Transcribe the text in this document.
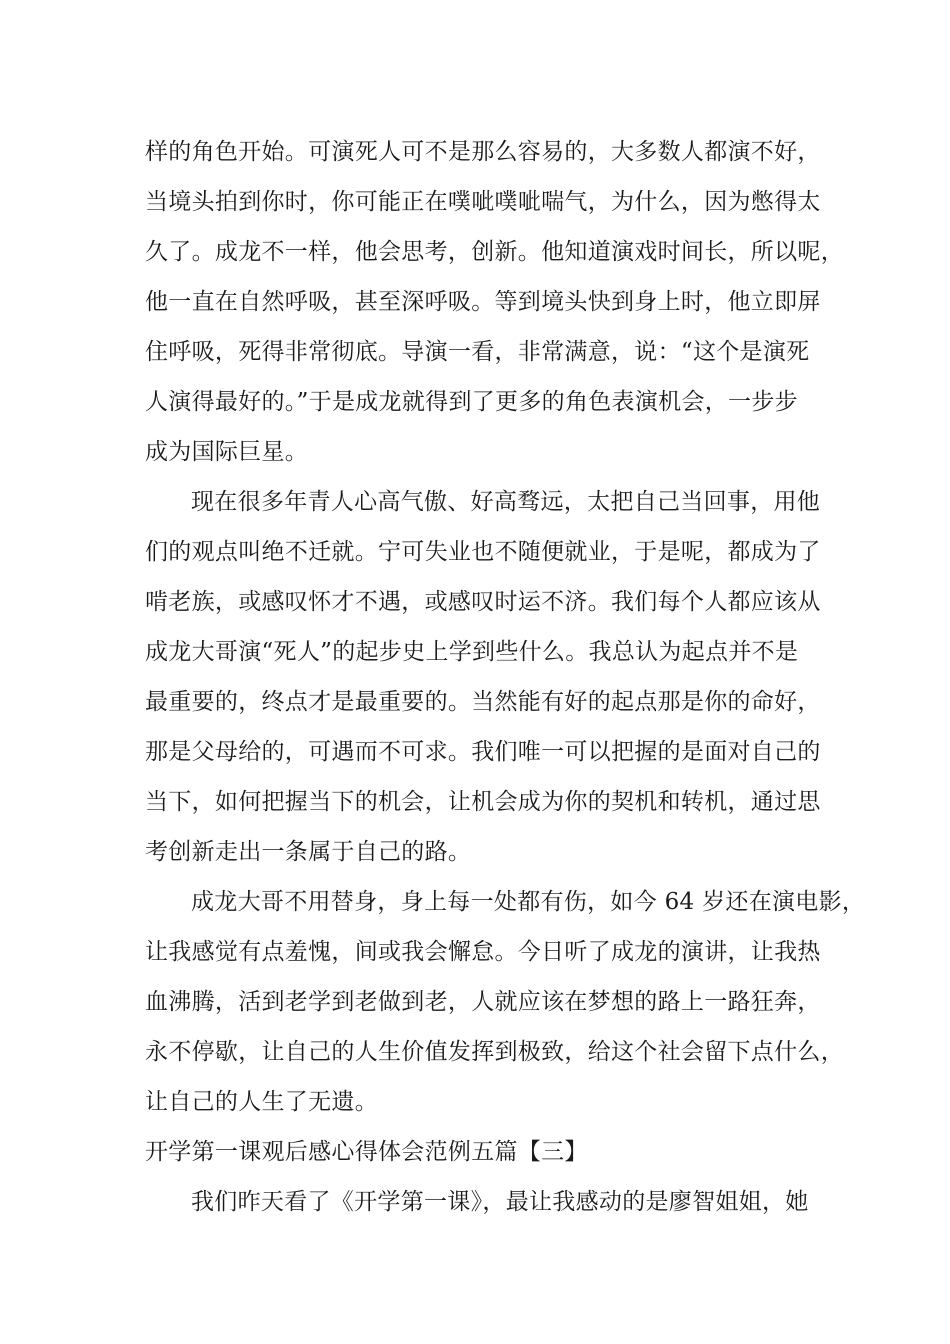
样的角色开始。可演死人可不是那么容易的，大多数人都演不好，
当境头拍到你时，你可能正在噗呲噗呲喘气，为什么，因为憋得太
久了。成龙不一样，他会思考，创新。他知道演戏时间长，所以呢，
他一直在自然呼吸，甚至深呼吸。等到境头快到身上时，他立即屏
住呼吸，死得非常彻底。导演一看，非常满意，说：“这个是演死
人演得最好的。”于是成龙就得到了更多的角色表演机会，一步步
成为国际巨星。
现在很多年青人心高气傲、好高骛远，太把自己当回事，用他
们的观点叫绝不迁就。宁可失业也不随便就业，于是呢，都成为了
啃老族，或感叹怀才不遇，或感叹时运不济。我们每个人都应该从
成龙大哥演“死人”的起步史上学到些什么。我总认为起点并不是
最重要的，终点才是最重要的。当然能有好的起点那是你的命好，
那是父母给的，可遇而不可求。我们唯一可以把握的是面对自己的
当下，如何把握当下的机会，让机会成为你的契机和转机，通过思
考创新走出一条属于自己的路。
成龙大哥不用替身，身上每一处都有伤，如今 64 岁还在演电影，
让我感觉有点羞愧，间或我会懈怠。今日听了成龙的演讲，让我热
血沸腾，活到老学到老做到老，人就应该在梦想的路上一路狂奔，
永不停歇，让自己的人生价值发挥到极致，给这个社会留下点什么，
让自己的人生了无遗。
开学第一课观后感心得体会范例五篇【三】
我们昨天看了《开学第一课》，最让我感动的是廖智姐姐，她
